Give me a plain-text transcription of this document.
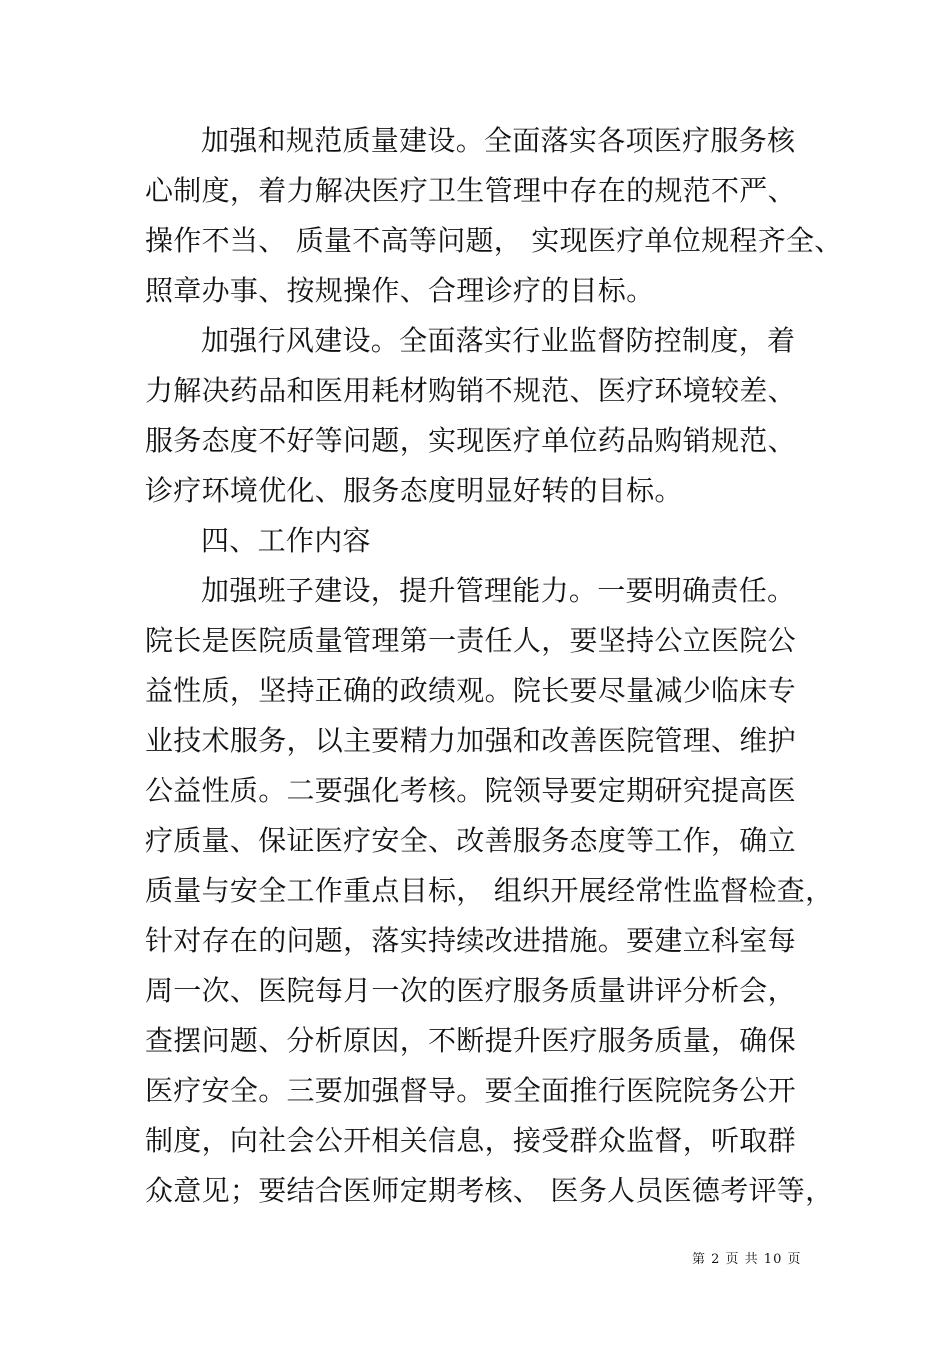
加强和规范质量建设。全面落实各项医疗服务核
心制度，着力解决医疗卫生管理中存在的规范不严、
操作不当、 质量不高等问题， 实现医疗单位规程齐全、
照章办事、按规操作、合理诊疗的目标。
加强行风建设。全面落实行业监督防控制度，着
力解决药品和医用耗材购销不规范、医疗环境较差、
服务态度不好等问题，实现医疗单位药品购销规范、
诊疗环境优化、服务态度明显好转的目标。
四、工作内容
加强班子建设，提升管理能力。一要明确责任。
院长是医院质量管理第一责任人，要坚持公立医院公
益性质，坚持正确的政绩观。院长要尽量减少临床专
业技术服务，以主要精力加强和改善医院管理、维护
公益性质。二要强化考核。院领导要定期研究提高医
疗质量、保证医疗安全、改善服务态度等工作，确立
质量与安全工作重点目标， 组织开展经常性监督检查，
针对存在的问题，落实持续改进措施。要建立科室每
周一次、医院每月一次的医疗服务质量讲评分析会，
查摆问题、分析原因，不断提升医疗服务质量，确保
医疗安全。三要加强督导。要全面推行医院院务公开
制度，向社会公开相关信息，接受群众监督，听取群
众意见；要结合医师定期考核、 医务人员医德考评等，
第 2 页 共 10 页
